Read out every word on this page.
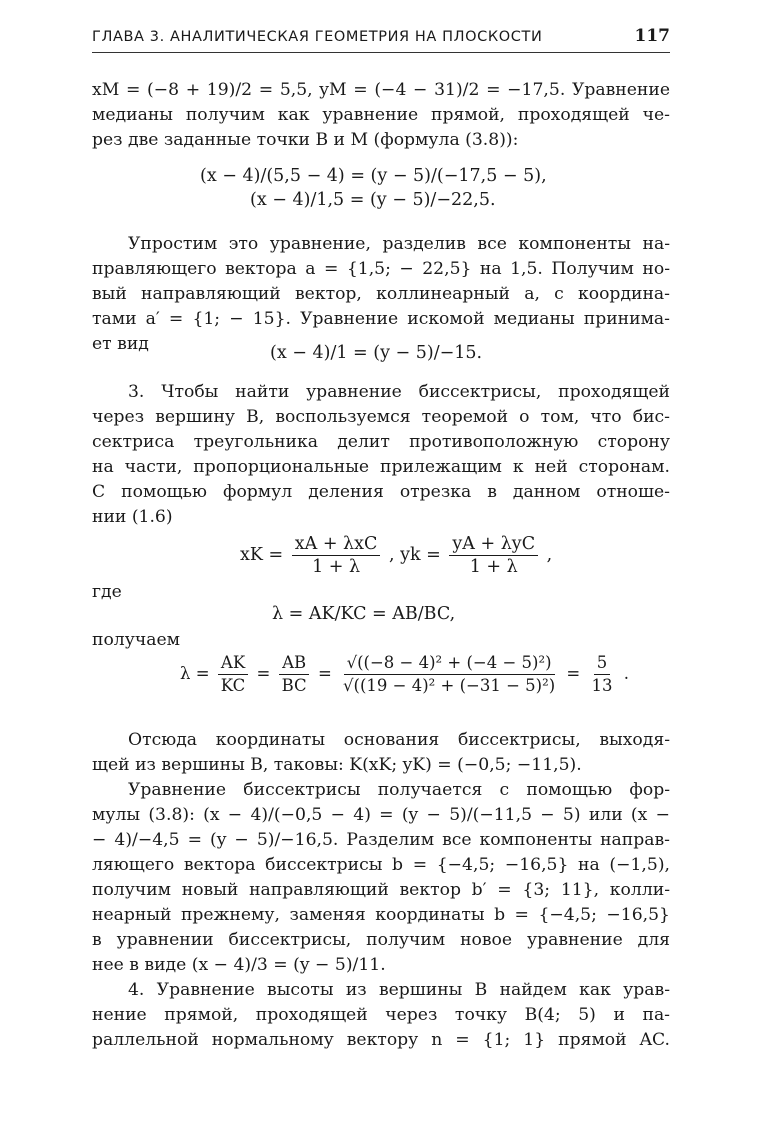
ГЛАВА 3. АНАЛИТИЧЕСКАЯ ГЕОМЕТРИЯ НА ПЛОСКОСТИ	117
xM = (−8 + 19)/2 = 5,5, yM = (−4 − 31)/2 = −17,5. Уравнение
медианы получим как уравнение прямой, проходящей че-
рез две заданные точки B и M (формула (3.8)):
(x − 4)/(5,5 − 4) = (y − 5)/(−17,5 − 5),
(x − 4)/1,5 = (y − 5)/−22,5.
Упростим это уравнение, разделив все компоненты на-
правляющего вектора a = {1,5; − 22,5} на 1,5. Получим но-
вый направляющий вектор, коллинеарный a, с координа-
тами a′ = {1; − 15}. Уравнение искомой медианы принима-
ет вид	(x − 4)/1 = (y − 5)/−15.
3. Чтобы найти уравнение биссектрисы, проходящей
через вершину B, воспользуемся теоремой о том, что бис-
сектриса треугольника делит противоположную сторону
на части, пропорциональные прилежащим к ней сторонам.
С помощью формул деления отрезка в данном отноше-
нии (1.6)
xK = $\frac{\text{xA + λxC}}{1 + \lambda}$ , yk = $\frac{\text{yA + λyC}}{1 + \lambda}$ ,
где
λ = AK/KC = AB/BC,
получаем
$\lambda = \frac{AK}{KC} = \frac{AB}{BC} = \frac{\text{√((−8 − 4)² + (−4 − 5)²)}}{\text{√((19 − 4)² + (−31 − 5)²)}} = \frac{5}{13}$ .
Отсюда координаты основания биссектрисы, выходя-
щей из вершины B, таковы: K(xK; yK) = (−0,5; −11,5).
Уравнение биссектрисы получается с помощью фор-
мулы (3.8): (x − 4)/(−0,5 − 4) = (y − 5)/(−11,5 − 5) или (x −
− 4)/−4,5 = (y − 5)/−16,5. Разделим все компоненты направ-
ляющего вектора биссектрисы b = {−4,5; −16,5} на (−1,5),
получим новый направляющий вектор b′ = {3; 11}, колли-
неарный прежнему, заменяя координаты b = {−4,5; −16,5}
в уравнении биссектрисы, получим новое уравнение для
нее в виде (x − 4)/3 = (y − 5)/11.
4. Уравнение высоты из вершины B найдем как урав-
нение прямой, проходящей через точку B(4; 5) и па-
раллельной нормальному вектору n = {1; 1} прямой AC.
